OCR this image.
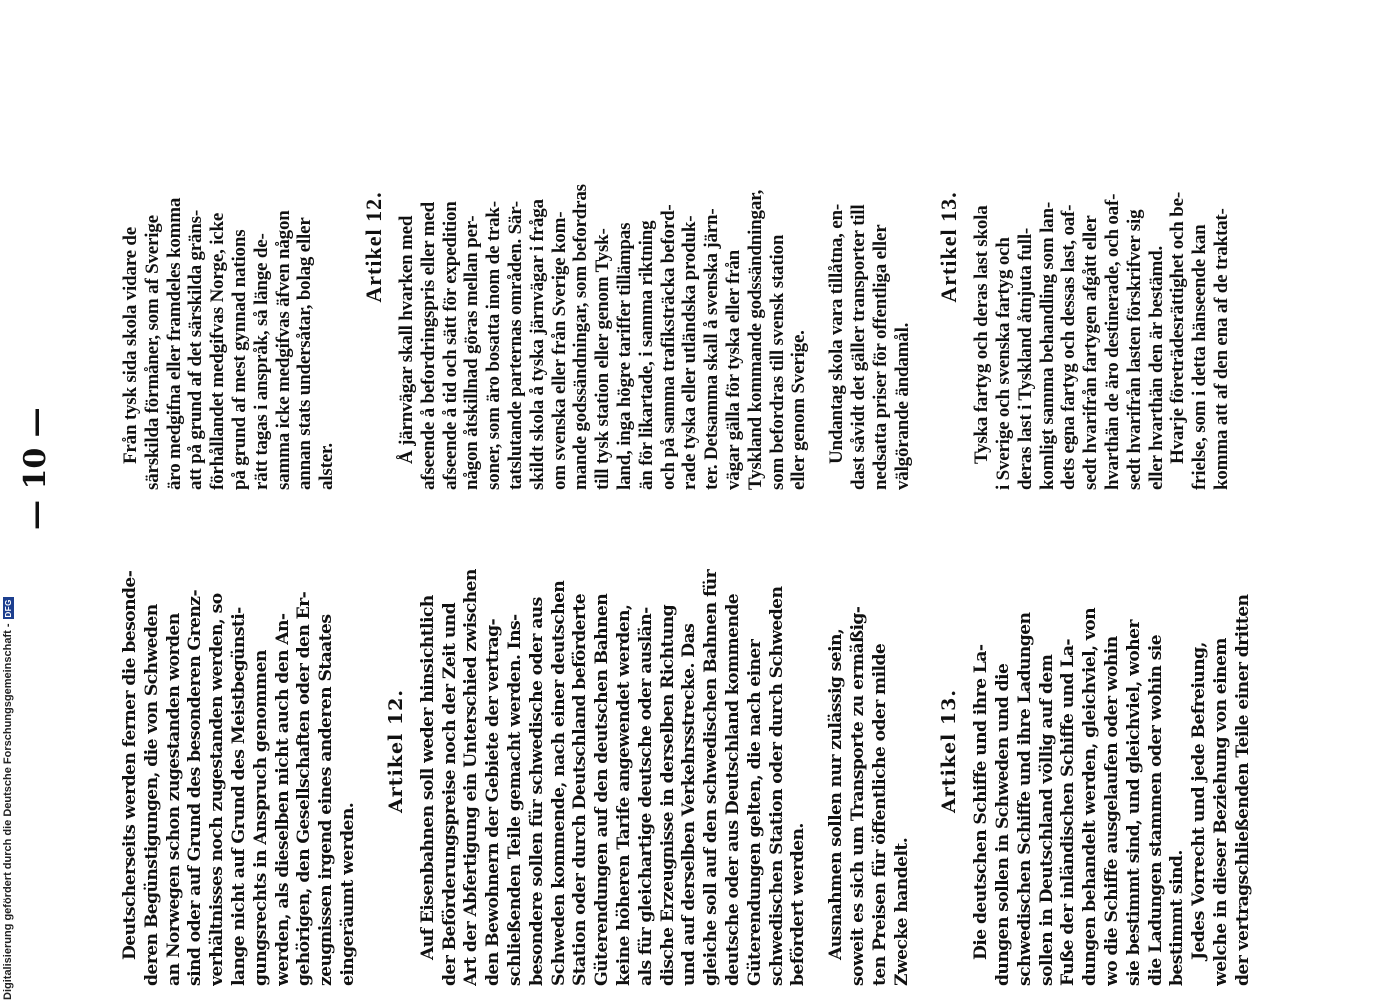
— 10 —
Deutscherseits werden ferner die besonde- deren Begünstigungen, die von Schweden an Norwegen schon zugestanden worden sind oder auf Grund des besonderen Grenz- verhältnisses noch zugestanden werden, so lange nicht auf Grund des Meistbegünsti- gungsrechts in Anspruch genommen werden, als dieselben nicht auch den An- gehörigen, den Gesellschaften oder den Er- zeugnissen irgend eines anderen Staates eingeräumt werden.
Artikel 12. Auf Eisenbahnen soll weder hinsichtlich der Beförderungspreise noch der Zeit und Art der Abfertigung ein Unterschied zwischen den Bewohnern der Gebiete der vertrag- schließenden Teile gemacht werden. Ins- besondere sollen für schwedische oder aus Schweden kommende, nach einer deutschen Station oder durch Deutschland beförderte Güterendungen auf den deutschen Bahnen keine höheren Tarife angewendet werden, als für gleichartige deutsche oder auslän- dische Erzeugnisse in derselben Richtung und auf derselben Verkehrsstrecke. Das gleiche soll auf den schwedischen Bahnen für deutsche oder aus Deutschland kommende Güterendungen gelten, die nach einer schwedischen Station oder durch Schweden befördert werden. Ausnahmen sollen nur zulässig sein, soweit es sich um Transporte zu ermäßig- ten Preisen für öffentliche oder milde Zwecke handelt.
Artikel 13. Die deutschen Schiffe und ihre La- dungen sollen in Schweden und die schwedischen Schiffe und ihre Ladungen sollen in Deutschland völlig auf dem Fuße der inländischen Schiffe und La- dungen behandelt werden, gleichviel, von wo die Schiffe ausgelaufen oder wohin sie bestimmt sind, und gleichviel, woher die Ladungen stammen oder wohin sie bestimmt sind. Jedes Vorrecht und jede Befreiung, welche in dieser Beziehung von einem der vertragschließenden Teile einer dritten
Från tysk sida skola vidare de särskilda förmåner, som af Sverige äro medgifna eller framdeles komma att på grund af det särskilda gräns- förhållandet medgifvas Norge, icke på grund af mest gynnad nations rätt tagas i anspråk, så länge de- samma icke medgifvas äfven någon annan stats undersåtar, bolag eller alster.
Artikel 12. Å järnvägar skall hvarken med afseende å befordringspris eller med afseende å tid och sätt för expedition någon åtskillnad göras mellan per- soner, som äro bosatta inom de trak- tatslutande parternas områden. Sär- skildt skola å tyska järnvägar i fråga om svenska eller från Sverige kom- mande godssändningar, som befordras till tysk station eller genom Tysk- land, inga högre tariffer tillämpas än för likartade, i samma riktning och på samma trafiksträcka beford- rade tyska eller utländska produk- ter. Detsamma skall å svenska järn- vägar gälla för tyska eller från Tyskland kommande godssändningar, som befordras till svensk station eller genom Sverige. Undantag skola vara tillåtna, en- dast såvidt det gäller transporter till nedsatta priser för offentliga eller välgörande ändamål.
Artikel 13. Tyska fartyg och deras last skola i Sverige och svenska fartyg och deras last i Tyskland åtnjuta full- komligt samma behandling som lan- dets egna fartyg och dessas last, oaf- sedt hvarifrån fartygen afgått eller hvarthän de äro destinerade, och oaf- sedt hvarifrån lasten förskrifver sig eller hvarthän den är bestämd. Hvarje företrädesrättighet och be- frielse, som i detta hänseende kan komma att af den ena af de traktat-
Digitalisierung gefördert durch die Deutsche Forschungsgemeinschaft -
DFG
